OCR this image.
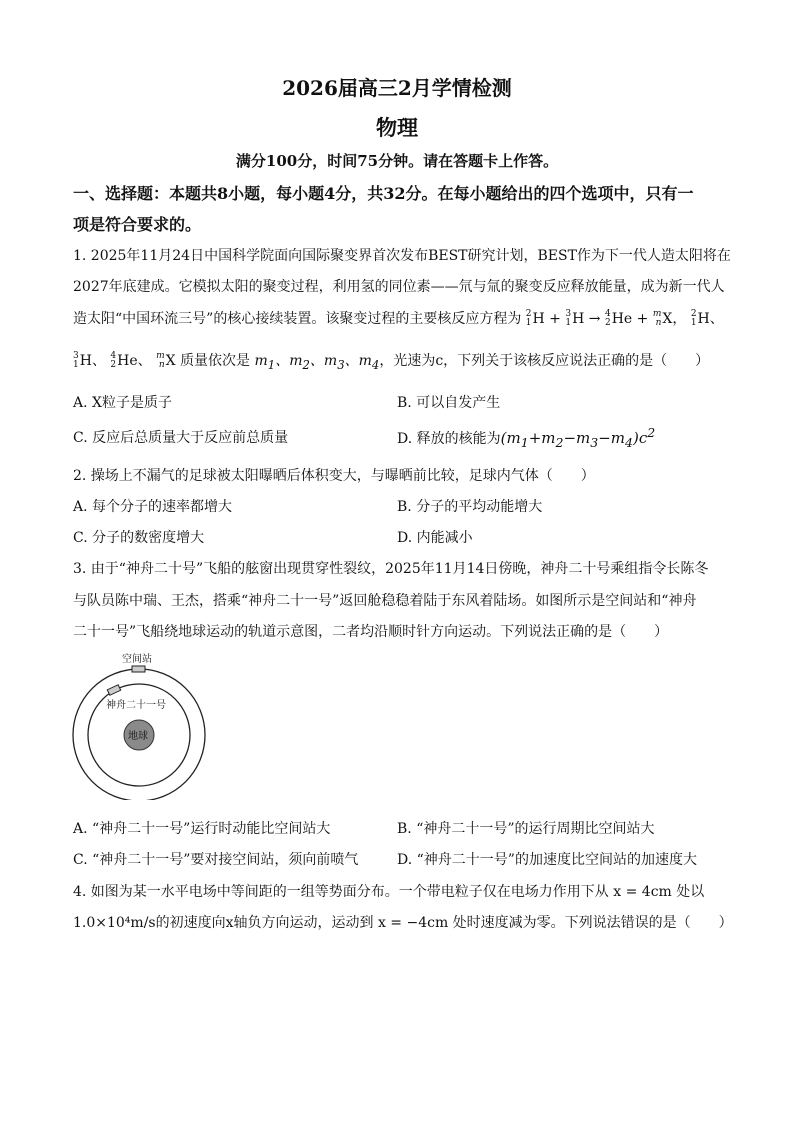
2026届高三2月学情检测
物理
满分100分，时间75分钟。请在答题卡上作答。
一、选择题：本题共8小题，每小题4分，共32分。在每小题给出的四个选项中，只有一
项是符合要求的。
1. 2025年11月24日中国科学院面向国际聚变界首次发布BEST研究计划，BEST作为下一代人造太阳将在
2027年底建成。它模拟太阳的聚变过程，利用氢的同位素——氘与氚的聚变反应释放能量，成为新一代人
造太阳“中国环流三号”的核心接续装置。该聚变过程的主要核反应方程为 2
1 H + 3
1 H → 4
2 He + m
n X， 2
1 H、
3
1 H、 4
2 He、 m
n X 质量依次是 $m_1$、$m_2$、$m_3$、$m_4$，光速为c，下列关于该核反应说法正确的是（　　）
A. X粒子是质子	B. 可以自发产生
C. 反应后总质量大于反应前总质量	D. 释放的核能为$(m_1+m_2-m_3-m_4)c^2$
2. 操场上不漏气的足球被太阳曝晒后体积变大，与曝晒前比较，足球内气体（　　）
A. 每个分子的速率都增大	B. 分子的平均动能增大
C. 分子的数密度增大	D. 内能减小
3. 由于“神舟二十号”飞船的舷窗出现贯穿性裂纹，2025年11月14日傍晚，神舟二十号乘组指令长陈冬
与队员陈中瑞、王杰，搭乘“神舟二十一号”返回舱稳稳着陆于东风着陆场。如图所示是空间站和“神舟
二十一号”飞船绕地球运动的轨道示意图，二者均沿顺时针方向运动。下列说法正确的是（　　）
空间站
神舟二十一号
地球
A. “神舟二十一号”运行时动能比空间站大	B. “神舟二十一号”的运行周期比空间站大
C. “神舟二十一号”要对接空间站，须向前喷气	D. “神舟二十一号”的加速度比空间站的加速度大
4. 如图为某一水平电场中等间距的一组等势面分布。一个带电粒子仅在电场力作用下从 x = 4cm 处以
1.0×10⁴m/s的初速度向x轴负方向运动，运动到 x = −4cm 处时速度减为零。下列说法错误的是（　　）
